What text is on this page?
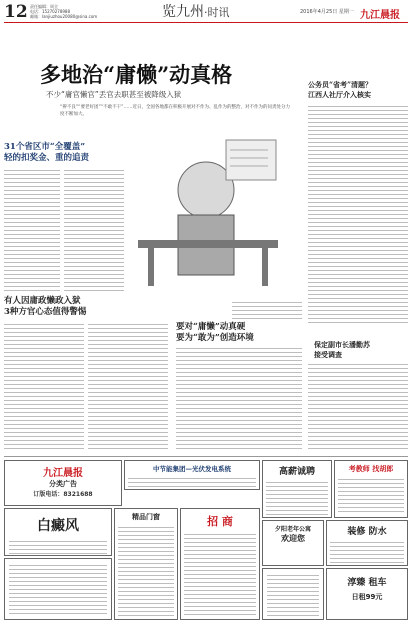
12 责任编辑：周全
电话：15270278988
邮箱：lanjiuzhou20080@sina.com	览九州·时讯	2016年4月25日 星期一 九江晨报
多地治“庸懒”动真格
不少“庸官懒官”丢官去职甚至被降级入狱
“辨不良”“要老好团”“不敢不干”……近日，全国各地都在积极开展对不作为、乱作为的整治，对不作为的问责处分力度不断加大。
公务员“省考”清题？
江西人社厅介入核实
保定副市长潘勤苏
接受调查
31个省区市“全覆盖”
轻的扣奖金、重的追责
有人因庸政懒政入狱
3种方官心态值得警惕
要对“庸懒”动真硬
要为“敢为”创造环境
九江晨报
分类广告
订版电话：8321688
中节能集团—光伏发电系统	高薪诚聘	考教师 找胡郎
白癜风
精品门窗	招 商
夕阳老年公寓
欢迎您
装修 防水
淳臻 租车
日租99元
